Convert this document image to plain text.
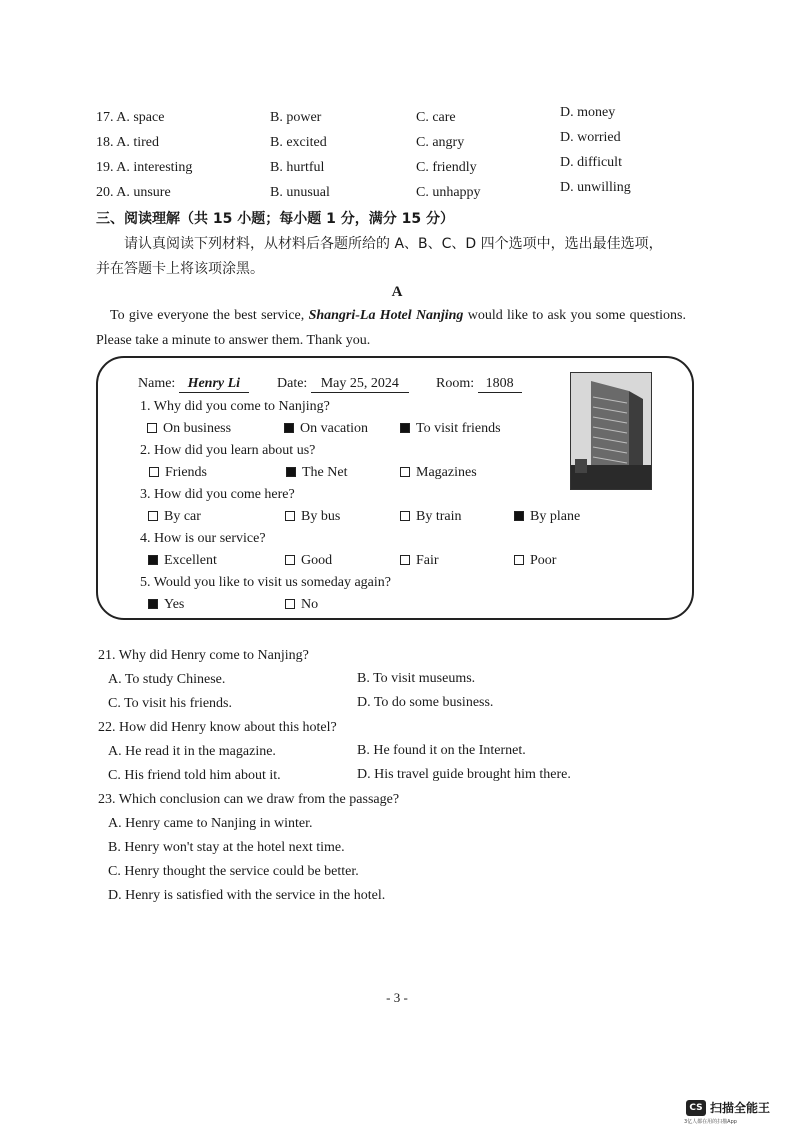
17. A. space	B. power	C. care	D. money
18. A. tired	B. excited	C. angry	D. worried
19. A. interesting	B. hurtful	C. friendly	D. difficult
20. A. unsure	B. unusual	C. unhappy	D. unwilling
三、阅读理解（共 15 小题；每小题 1 分，满分 15 分）
请认真阅读下列材料，从材料后各题所给的 A、B、C、D 四个选项中，选出最佳选项，
并在答题卡上将该项涂黑。
A
To give everyone the best service, Shangri-La Hotel Nanjing would like to ask you some questions. Please take a minute to answer them. Thank you.
Name: Henry Li	Date: May 25, 2024	Room: 1808
1. Why did you come to Nanjing?
On business	On vacation	To visit friends
2. How did you learn about us?
Friends	The Net	Magazines
3. How did you come here?
By car	By bus	By train	By plane
4. How is our service?
Excellent	Good	Fair	Poor
5. Would you like to visit us someday again?
Yes	No
21. Why did Henry come to Nanjing?
A. To study Chinese.	B. To visit museums.
C. To visit his friends.	D. To do some business.
22. How did Henry know about this hotel?
A. He read it in the magazine.	B. He found it on the Internet.
C. His friend told him about it.	D. His travel guide brought him there.
23. Which conclusion can we draw from the passage?
A. Henry came to Nanjing in winter.
B. Henry won't stay at the hotel next time.
C. Henry thought the service could be better.
D. Henry is satisfied with the service in the hotel.
- 3 -
CS 扫描全能王
3亿人都在用的扫描App
